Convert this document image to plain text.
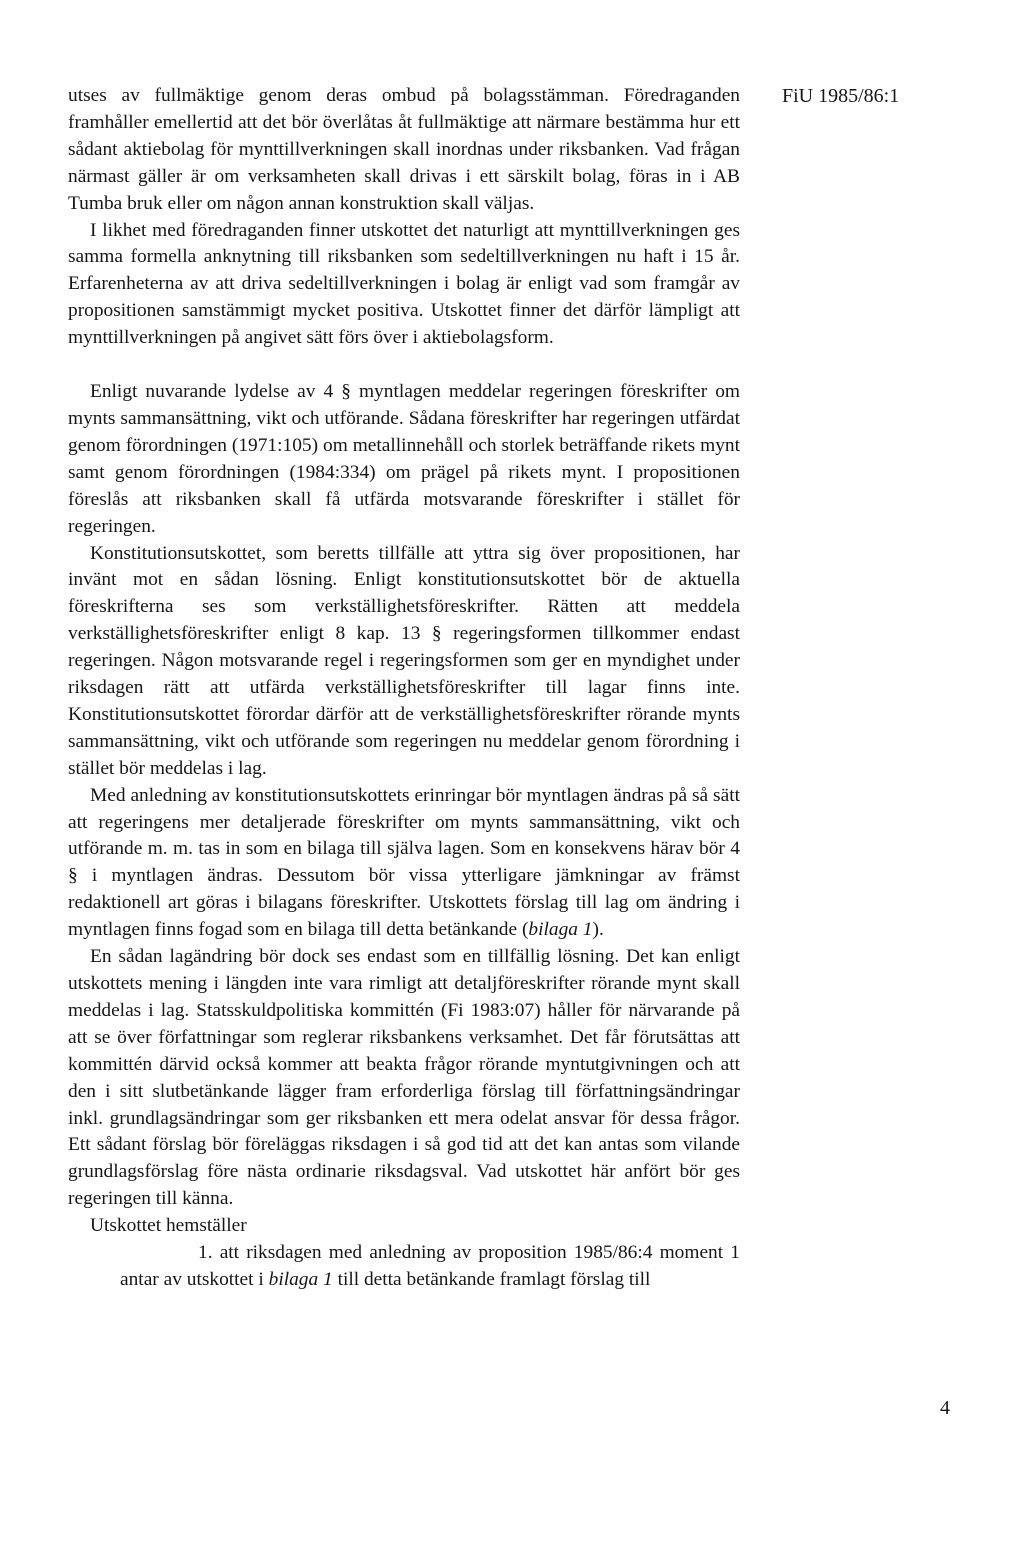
FiU 1985/86:1

utses av fullmäktige genom deras ombud på bolagsstämman. Föredraganden framhåller emellertid att det bör överlåtas åt fullmäktige att närmare bestämma hur ett sådant aktiebolag för mynttillverkningen skall inordnas under riksbanken. Vad frågan närmast gäller är om verksamheten skall drivas i ett särskilt bolag, föras in i AB Tumba bruk eller om någon annan konstruktion skall väljas.

I likhet med föredraganden finner utskottet det naturligt att mynttillverkningen ges samma formella anknytning till riksbanken som sedeltillverkningen nu haft i 15 år. Erfarenheterna av att driva sedeltillverkningen i bolag är enligt vad som framgår av propositionen samstämmigt mycket positiva. Utskottet finner det därför lämpligt att mynttillverkningen på angivet sätt förs över i aktiebolagsform.

Enligt nuvarande lydelse av 4 § myntlagen meddelar regeringen föreskrifter om mynts sammansättning, vikt och utförande. Sådana föreskrifter har regeringen utfärdat genom förordningen (1971:105) om metallinnehåll och storlek beträffande rikets mynt samt genom förordningen (1984:334) om prägel på rikets mynt. I propositionen föreslås att riksbanken skall få utfärda motsvarande föreskrifter i stället för regeringen.

Konstitutionsutskottet, som beretts tillfälle att yttra sig över propositionen, har invänt mot en sådan lösning. Enligt konstitutionsutskottet bör de aktuella föreskrifterna ses som verkställighetsföreskrifter. Rätten att meddela verkställighetsföreskrifter enligt 8 kap. 13 § regeringsformen tillkommer endast regeringen. Någon motsvarande regel i regeringsformen som ger en myndighet under riksdagen rätt att utfärda verkställighetsföreskrifter till lagar finns inte. Konstitutionsutskottet förordar därför att de verkställighetsföreskrifter rörande mynts sammansättning, vikt och utförande som regeringen nu meddelar genom förordning i stället bör meddelas i lag.

Med anledning av konstitutionsutskottets erinringar bör myntlagen ändras på så sätt att regeringens mer detaljerade föreskrifter om mynts sammansättning, vikt och utförande m. m. tas in som en bilaga till själva lagen. Som en konsekvens härav bör 4 § i myntlagen ändras. Dessutom bör vissa ytterligare jämkningar av främst redaktionell art göras i bilagans föreskrifter. Utskottets förslag till lag om ändring i myntlagen finns fogad som en bilaga till detta betänkande (bilaga 1).

En sådan lagändring bör dock ses endast som en tillfällig lösning. Det kan enligt utskottets mening i längden inte vara rimligt att detaljföreskrifter rörande mynt skall meddelas i lag. Statsskuldpolitiska kommittén (Fi 1983:07) håller för närvarande på att se över författningar som reglerar riksbankens verksamhet. Det får förutsättas att kommittén därvid också kommer att beakta frågor rörande myntutgivningen och att den i sitt slutbetänkande lägger fram erforderliga förslag till författningsändringar inkl. grundlagsändringar som ger riksbanken ett mera odelat ansvar för dessa frågor. Ett sådant förslag bör föreläggas riksdagen i så god tid att det kan antas som vilande grundlagsförslag före nästa ordinarie riksdagsval. Vad utskottet här anfört bör ges regeringen till känna.

Utskottet hemställer

1. att riksdagen med anledning av proposition 1985/86:4 moment 1 antar av utskottet i bilaga 1 till detta betänkande framlagt förslag till

4
